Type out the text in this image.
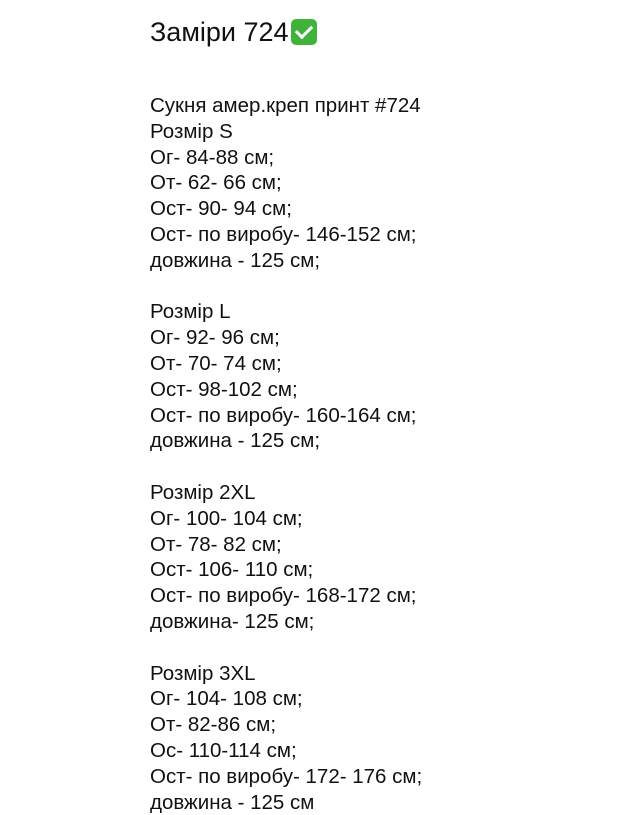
Заміри 724
Сукня амер.креп принт #724
Розмір S
Ог- 84-88 см;
От- 62- 66 см;
Ост- 90- 94 см;
Ост- по виробу- 146-152 см;
довжина - 125 см;
Розмір L
Ог- 92- 96 см;
От- 70- 74 см;
Ост- 98-102 см;
Ост- по виробу- 160-164 см;
довжина - 125 см;
Розмір 2XL
Ог- 100- 104 см;
От- 78- 82 см;
Ост- 106- 110 см;
Ост- по виробу- 168-172 см;
довжина- 125 см;
Розмір 3XL
Ог- 104- 108 см;
От- 82-86 см;
Ос- 110-114 см;
Ост- по виробу- 172- 176 см;
довжина - 125 см
